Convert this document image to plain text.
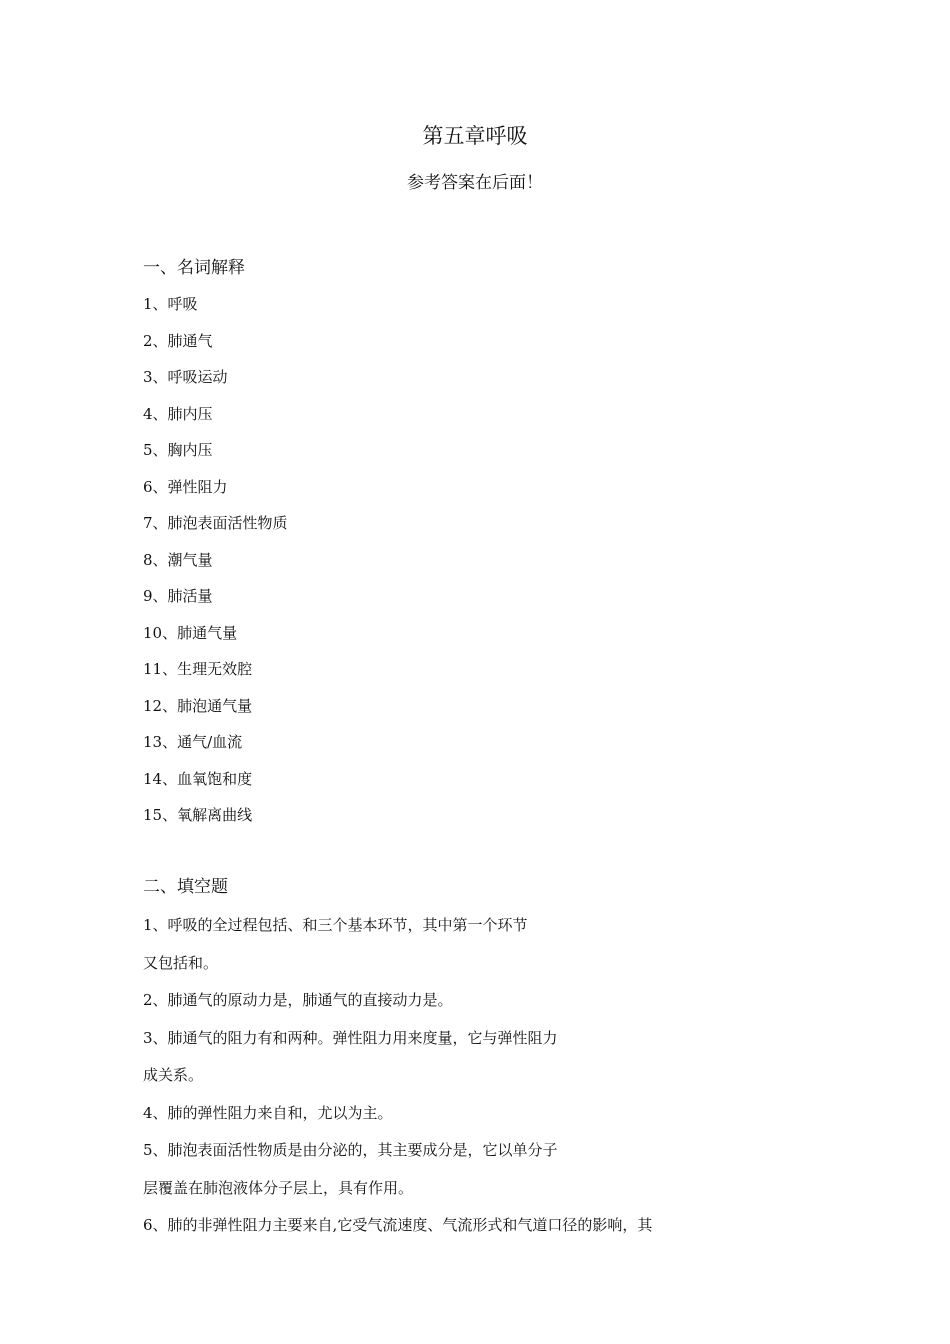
第五章呼吸
参考答案在后面！
一、名词解释
1、呼吸
2、肺通气
3、呼吸运动
4、肺内压
5、胸内压
6、弹性阻力
7、肺泡表面活性物质
8、潮气量
9、肺活量
10、肺通气量
11、生理无效腔
12、肺泡通气量
13、通气/血流
14、血氧饱和度
15、氧解离曲线
二、填空题
1、呼吸的全过程包括、和三个基本环节，其中第一个环节
又包括和。
2、肺通气的原动力是，肺通气的直接动力是。
3、肺通气的阻力有和两种。弹性阻力用来度量，它与弹性阻力
成关系。
4、肺的弹性阻力来自和，尤以为主。
5、肺泡表面活性物质是由分泌的，其主要成分是，它以单分子
层覆盖在肺泡液体分子层上，具有作用。
6、肺的非弹性阻力主要来自,它受气流速度、气流形式和气道口径的影响，其
